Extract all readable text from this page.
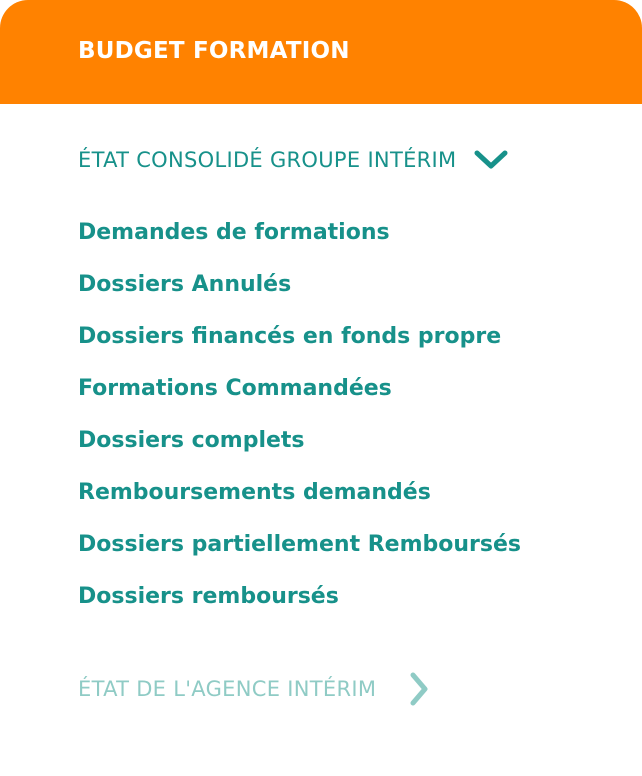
BUDGET FORMATION
ÉTAT CONSOLIDÉ GROUPE INTÉRIM
Demandes de formations
Dossiers Annulés
Dossiers financés en fonds propre
Formations Commandées
Dossiers complets
Remboursements demandés
Dossiers partiellement Remboursés
Dossiers remboursés
ÉTAT DE L'AGENCE INTÉRIM
